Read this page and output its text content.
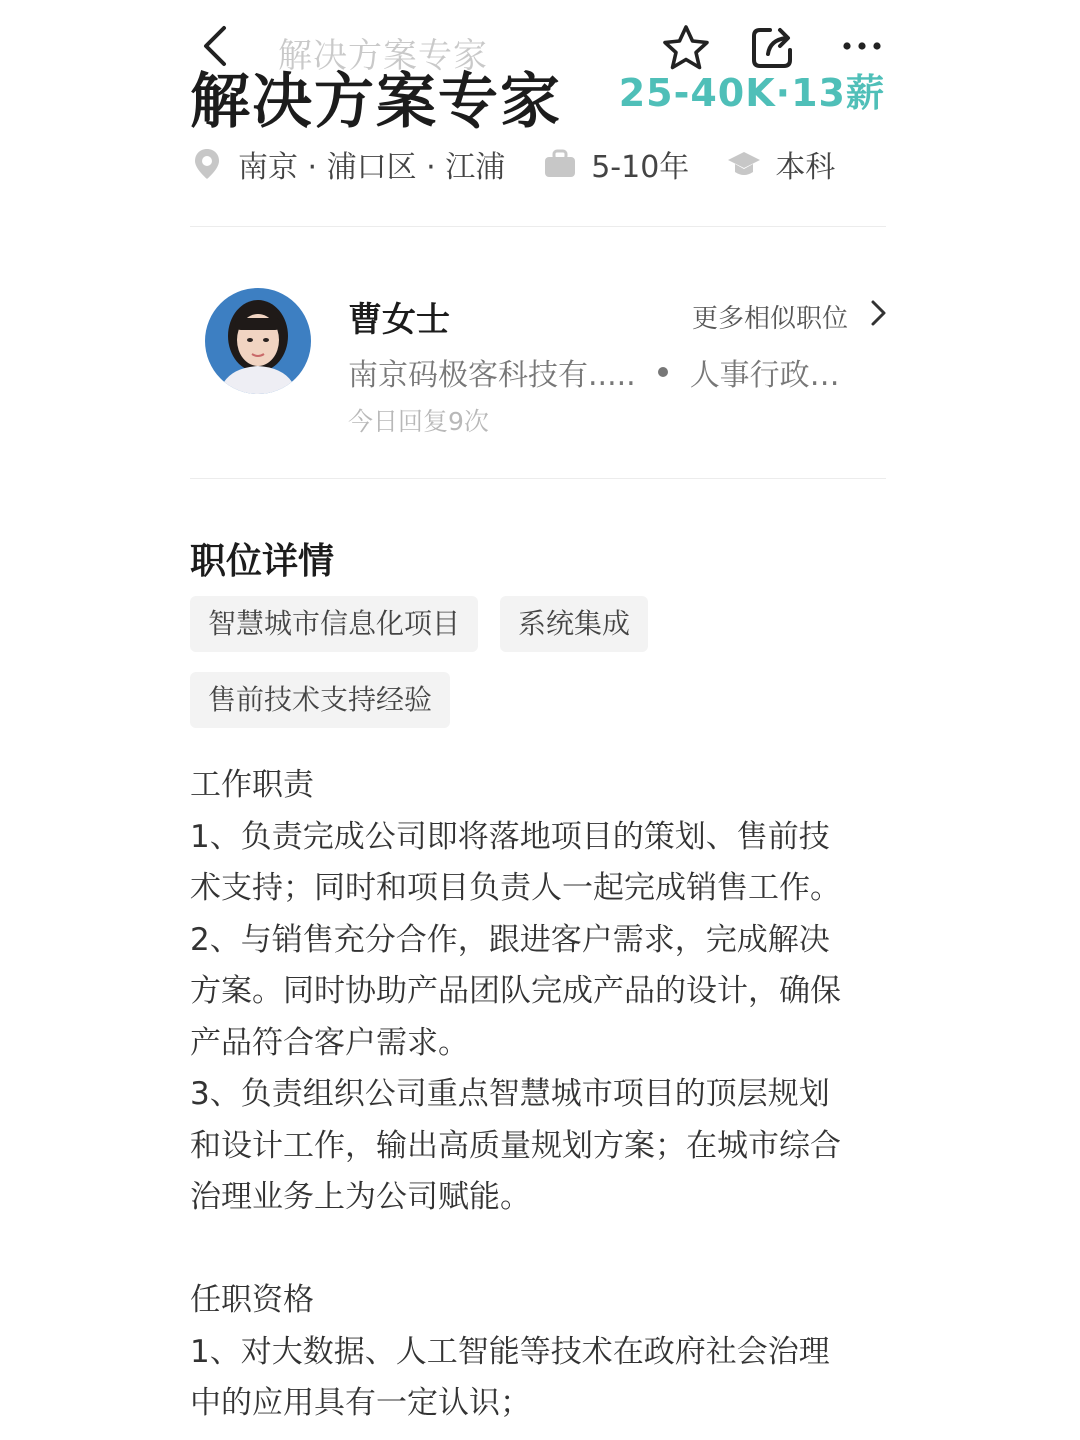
解决方案专家
解决方案专家 25-40K·13薪
南京 · 浦口区 · 江浦	5-10年	本科
曹女士	更多相似职位
南京码极客科技有..... 人事行政…
今日回复9次
职位详情
智慧城市信息化项目	系统集成
售前技术支持经验

工作职责

1、负责完成公司即将落地项目的策划、售前技

术支持；同时和项目负责人一起完成销售工作。

2、与销售充分合作，跟进客户需求，完成解决

方案。同时协助产品团队完成产品的设计，确保

产品符合客户需求。

3、负责组织公司重点智慧城市项目的顶层规划

和设计工作，输出高质量规划方案；在城市综合

治理业务上为公司赋能。

任职资格

1、对大数据、人工智能等技术在政府社会治理

中的应用具有一定认识；
